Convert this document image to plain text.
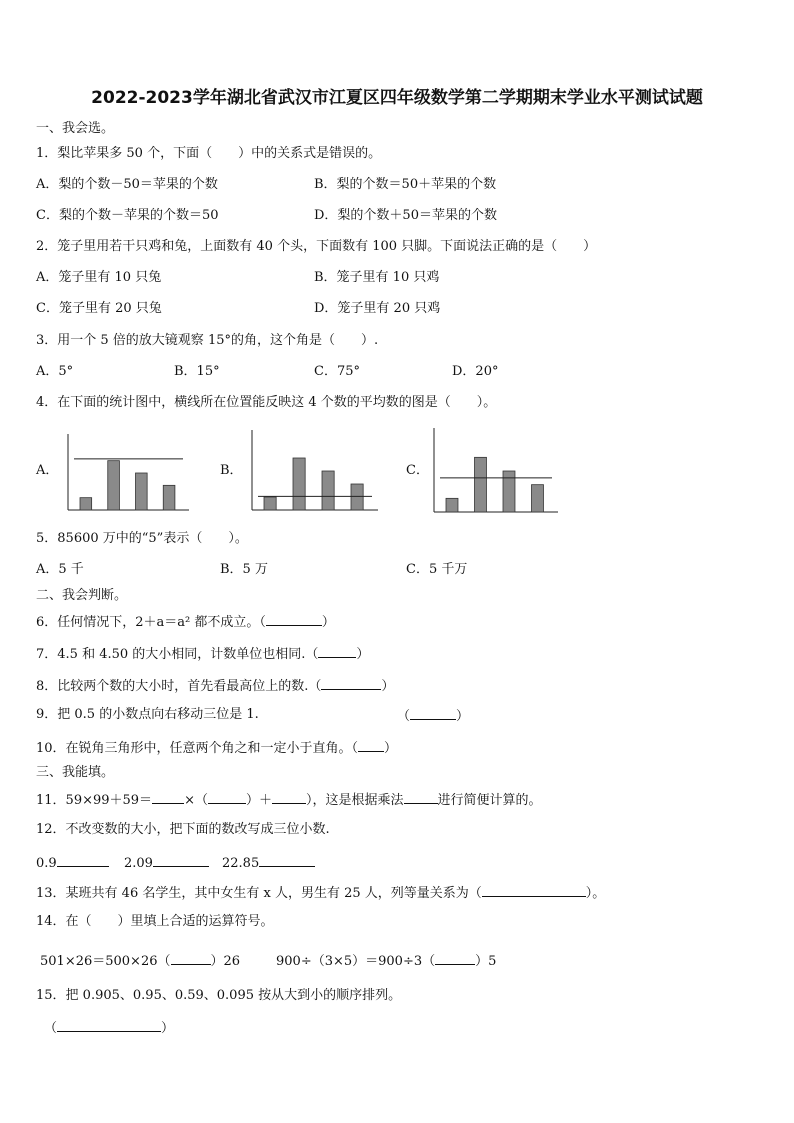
2022-2023学年湖北省武汉市江夏区四年级数学第二学期期末学业水平测试试题
一、我会选。
1．梨比苹果多 50 个，下面（　　）中的关系式是错误的。
A．梨的个数－50＝苹果的个数	B．梨的个数＝50＋苹果的个数
C．梨的个数－苹果的个数＝50	D．梨的个数＋50＝苹果的个数
2．笼子里用若干只鸡和兔，上面数有 40 个头，下面数有 100 只脚。下面说法正确的是（　　）
A．笼子里有 10 只兔	B．笼子里有 10 只鸡
C．笼子里有 20 只兔	D．笼子里有 20 只鸡
3．用一个 5 倍的放大镜观察 15°的角，这个角是（　　）.
A．5°	B．15°	C．75°	D．20°
4．在下面的统计图中，横线所在位置能反映这 4 个数的平均数的图是（　　）。
A．	B．	C．
5．85600 万中的“5”表示（　　）。
A．5 千	B．5 万	C．5 千万
二、我会判断。
6．任何情况下，2＋a＝a² 都不成立。（	）
7．4.5 和 4.50 的大小相同，计数单位也相同.（	）
8．比较两个数的大小时，首先看最高位上的数.（	）
9．把 0.5 的小数点向右移动三位是 1.	（	）
10．在锐角三角形中，任意两个角之和一定小于直角。（ ）
三、我能填。
11．59×99＋59＝ ×（	）＋	），这是根据乘法	进行简便计算的。
12．不改变数的大小，把下面的数改写成三位小数.
0.9	2.09	22.85
13．某班共有 46 名学生，其中女生有 x 人，男生有 25 人，列等量关系为（	）。
14．在（　　）里填上合适的运算符号。
501×26＝500×26（	）26	900÷（3×5）＝900÷3（	）5
15．把 0.905、0.95、0.59、0.095 按从大到小的顺序排列。
（	）
